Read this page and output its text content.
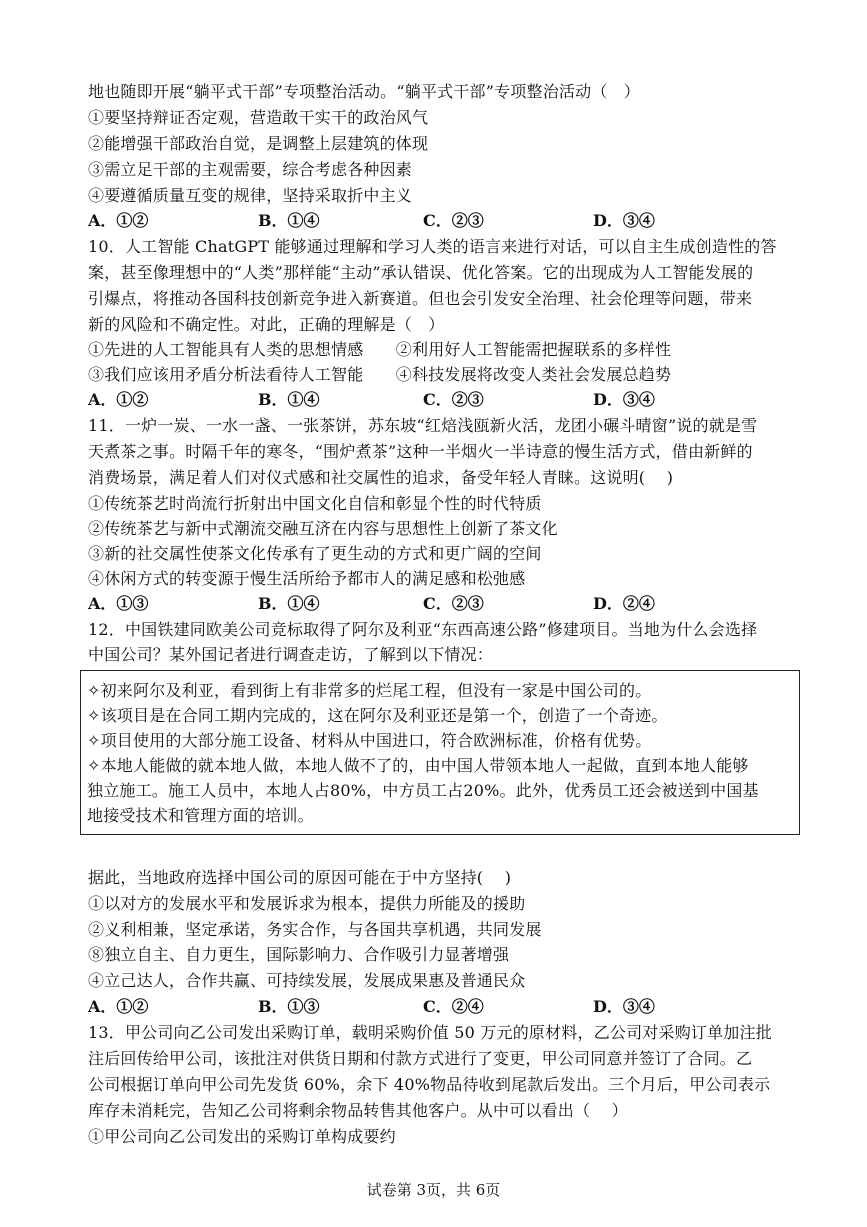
地也随即开展“躺平式干部”专项整治活动。“躺平式干部”专项整治活动（　）
①要坚持辩证否定观，营造敢干实干的政治风气
②能增强干部政治自觉，是调整上层建筑的体现
③需立足干部的主观需要，综合考虑各种因素
④要遵循质量互变的规律，坚持采取折中主义
A．①②	B．①④	C．②③	D．③④
10．人工智能 ChatGPT 能够通过理解和学习人类的语言来进行对话，可以自主生成创造性的答
案，甚至像理想中的“人类”那样能“主动”承认错误、优化答案。它的出现成为人工智能发展的
引爆点，将推动各国科技创新竞争进入新赛道。但也会引发安全治理、社会伦理等问题，带来
新的风险和不确定性。对此，正确的理解是（　）
①先进的人工智能具有人类的思想情感　　②利用好人工智能需把握联系的多样性
③我们应该用矛盾分析法看待人工智能　　④科技发展将改变人类社会发展总趋势
A．①②	B．①④	C．②③	D．③④
11．一炉一炭、一水一盏、一张茶饼，苏东坡“红焙浅瓯新火活，龙团小碾斗晴窗”说的就是雪
天煮茶之事。时隔千年的寒冬，“围炉煮茶”这种一半烟火一半诗意的慢生活方式，借由新鲜的
消费场景，满足着人们对仪式感和社交属性的追求，备受年轻人青睐。这说明(　 )
①传统茶艺时尚流行折射出中国文化自信和彰显个性的时代特质
②传统茶艺与新中式潮流交融互济在内容与思想性上创新了茶文化
③新的社交属性使茶文化传承有了更生动的方式和更广阔的空间
④休闲方式的转变源于慢生活所给予都市人的满足感和松弛感
A．①③	B．①④	C．②③	D．②④
12．中国铁建同欧美公司竞标取得了阿尔及利亚“东西高速公路”修建项目。当地为什么会选择
中国公司？某外国记者进行调查走访，了解到以下情况：
✧初来阿尔及利亚，看到街上有非常多的烂尾工程，但没有一家是中国公司的。
✧该项目是在合同工期内完成的，这在阿尔及利亚还是第一个，创造了一个奇迹。
✧项目使用的大部分施工设备、材料从中国进口，符合欧洲标准，价格有优势。
✧本地人能做的就本地人做，本地人做不了的，由中国人带领本地人一起做，直到本地人能够
独立施工。施工人员中，本地人占80%，中方员工占20%。此外，优秀员工还会被送到中国基
地接受技术和管理方面的培训。
据此，当地政府选择中国公司的原因可能在于中方坚持(　 )
①以对方的发展水平和发展诉求为根本，提供力所能及的援助
②义利相兼，坚定承诺，务实合作，与各国共享机遇，共同发展
⑧独立自主、自力更生，国际影响力、合作吸引力显著增强
④立己达人，合作共赢、可持续发展，发展成果惠及普通民众
A．①②	B．①③	C．②④	D．③④
13．甲公司向乙公司发出采购订单，载明采购价值 50 万元的原材料，乙公司对采购订单加注批
注后回传给甲公司，该批注对供货日期和付款方式进行了变更，甲公司同意并签订了合同。乙
公司根据订单向甲公司先发货 60%，余下 40%物品待收到尾款后发出。三个月后，甲公司表示
库存未消耗完，告知乙公司将剩余物品转售其他客户。从中可以看出（　 ）
①甲公司向乙公司发出的采购订单构成要约
试卷第 3页，共 6页
